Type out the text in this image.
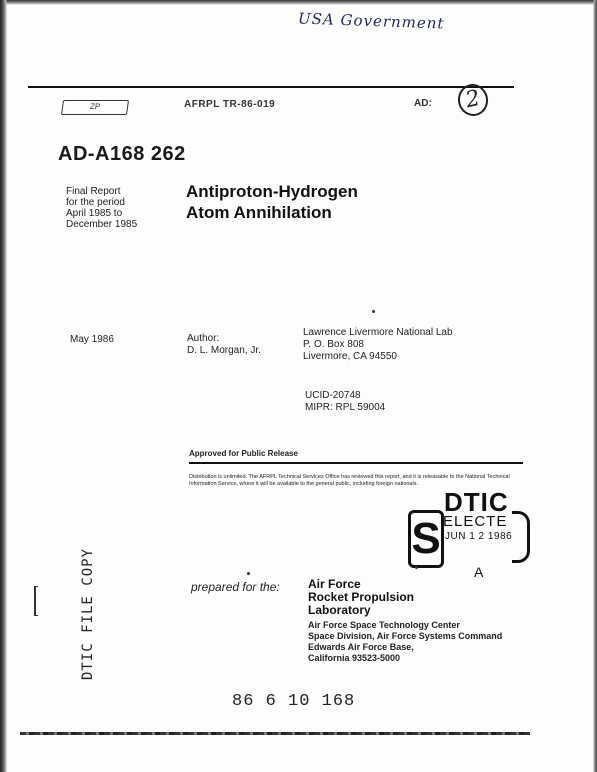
USA Government
ZP	AFRPL TR-86-019	AD:	2
AD-A168 262
Final Report
for the period
April 1985 to
December 1985
Antiproton-Hydrogen
Atom Annihilation
May 1986	Author:
D. L. Morgan, Jr.
Lawrence Livermore National Lab
P. O. Box 808
Livermore, CA 94550
UCID-20748
MIPR: RPL 59004
Approved for Public Release
Distribution is unlimited. The AFRPL Technical Services Office has reviewed this report, and it is releasable to the National Technical Information Service, where it will be available to the general public, including foreign nationals.
DTIC FILE COPY
S
DTIC
ELECTE
JUN 1 2 1986
A
prepared for the: Air Force
Rocket Propulsion
Laboratory
Air Force Space Technology Center
Space Division, Air Force Systems Command
Edwards Air Force Base,
California 93523-5000
86 6 10 168
